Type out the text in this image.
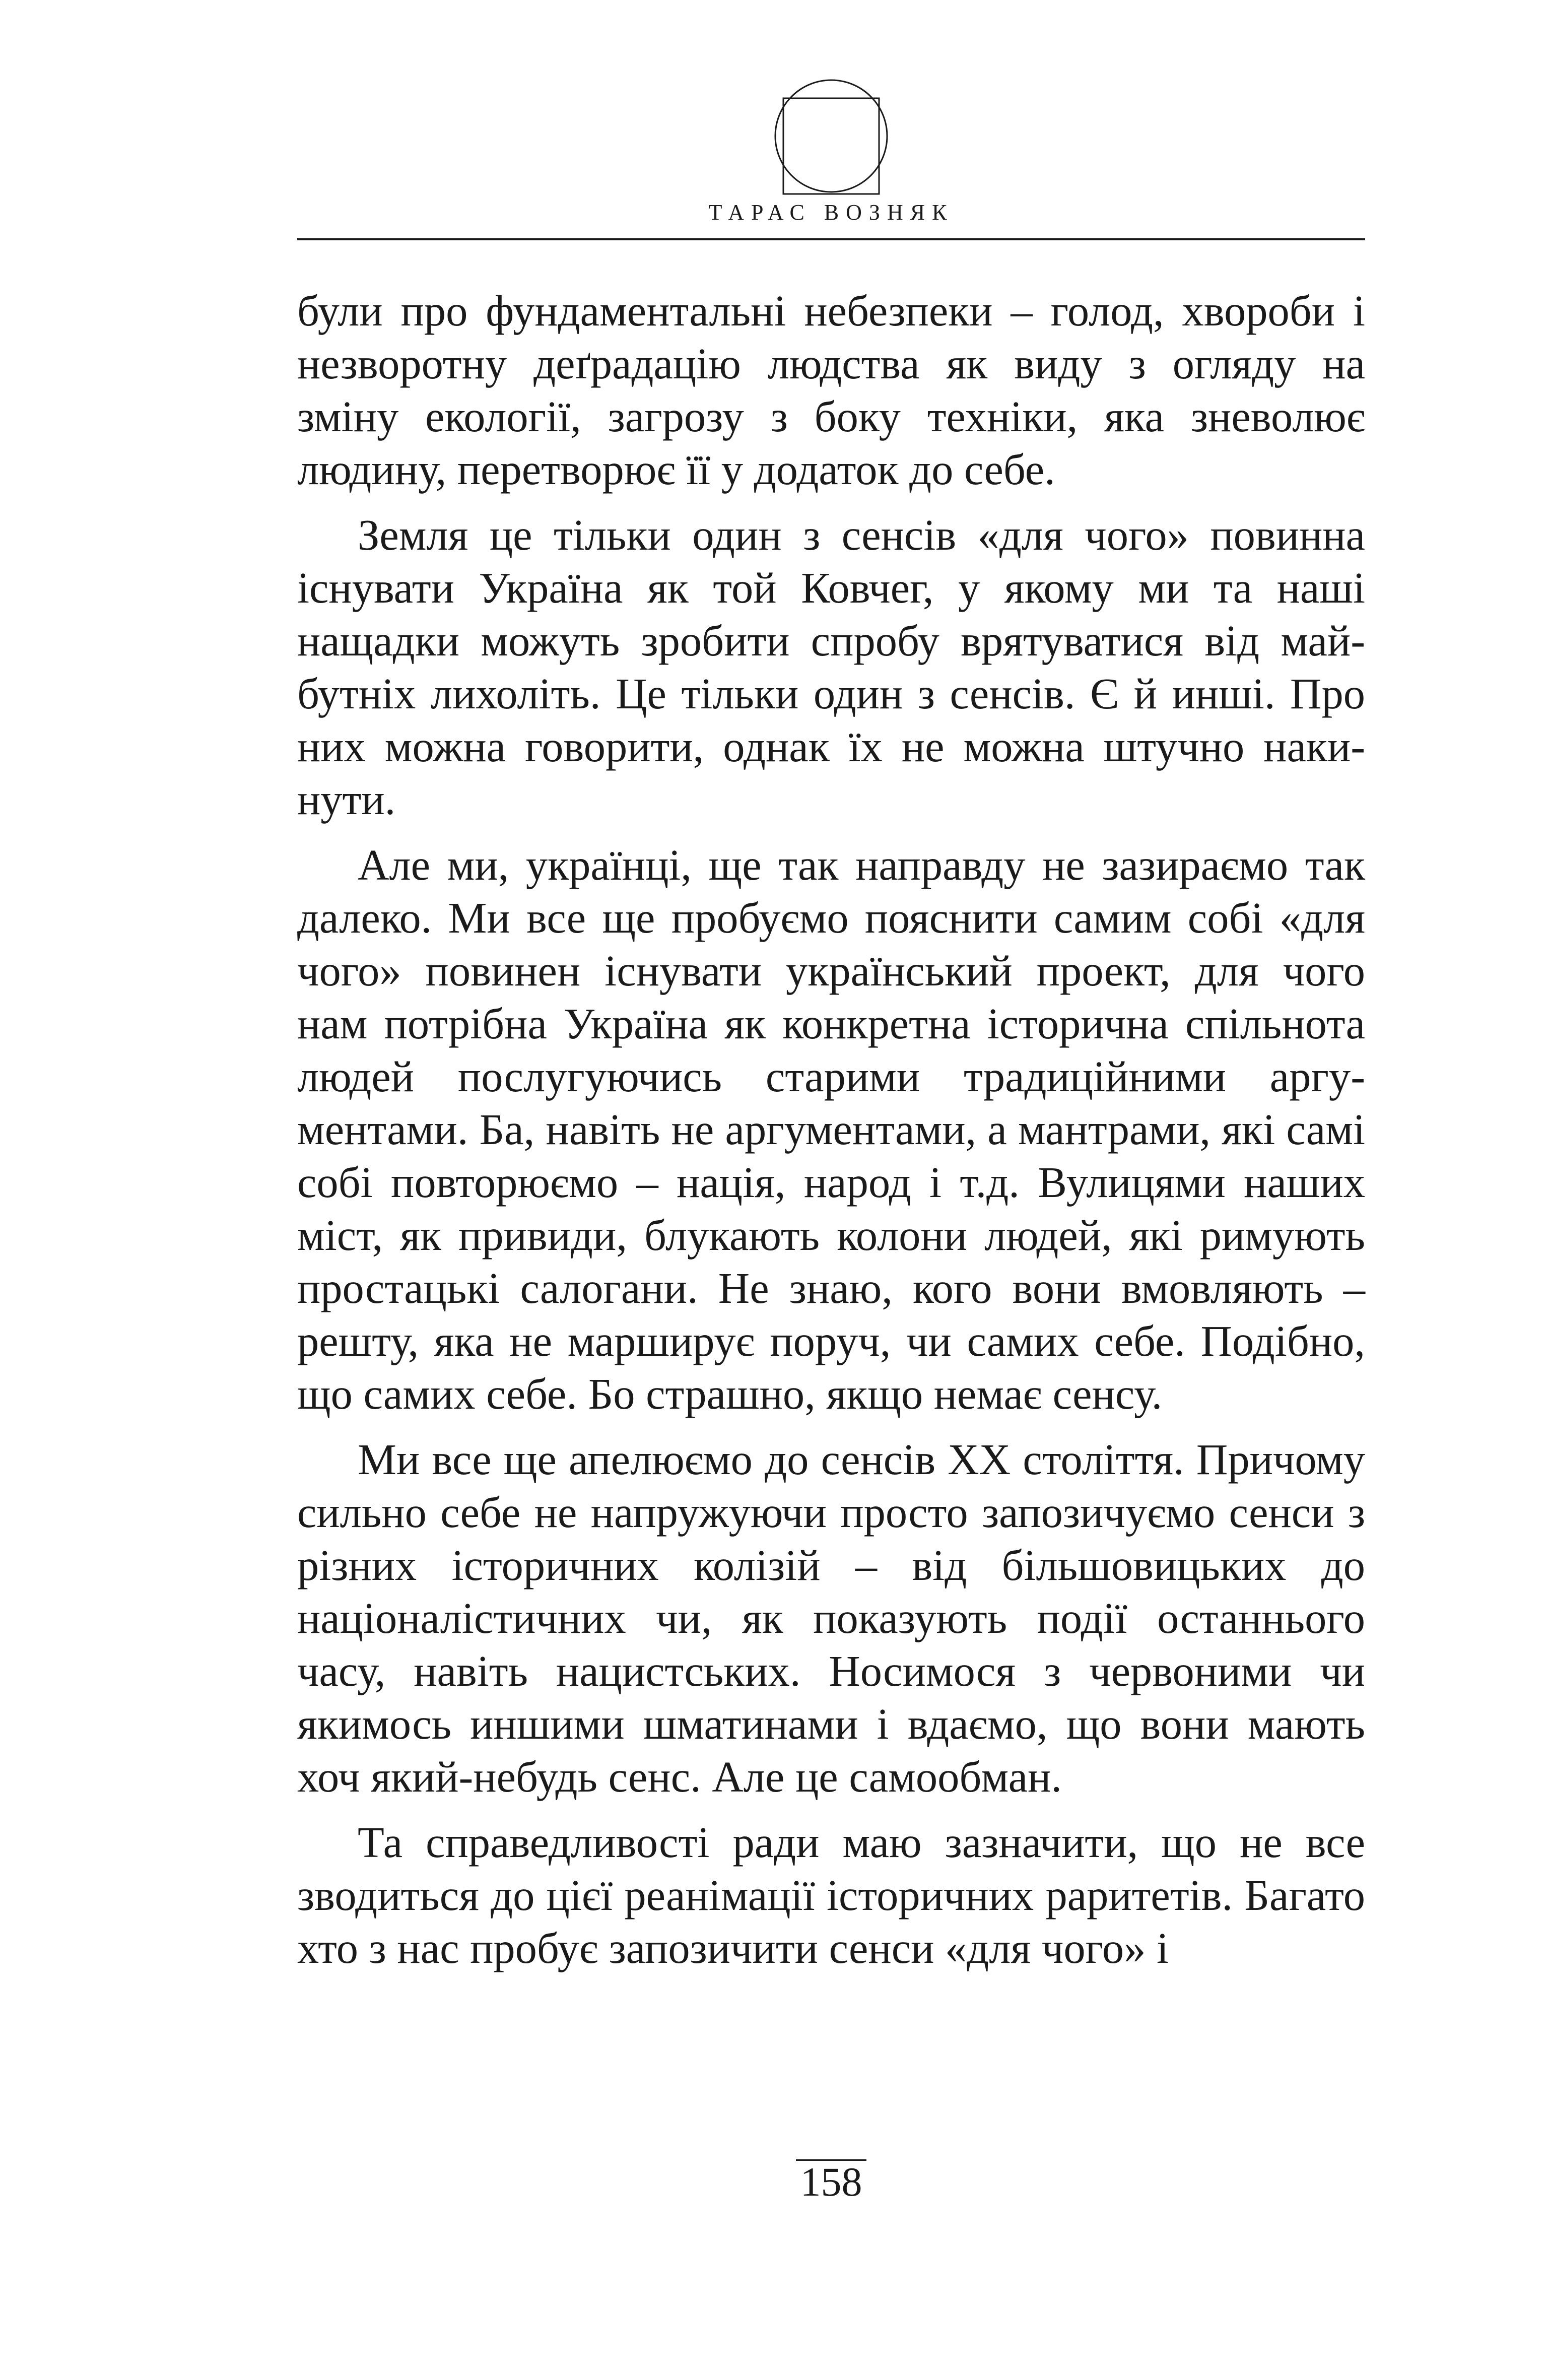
ТАРАС ВОЗНЯК

були про фундаментальні небезпеки – голод, хвороби і незворотну деґрадацію людства як виду з огляду на зміну екології, загрозу з боку техніки, яка зневолює людину, перетворює її у додаток до себе.

Земля це тільки один з сенсів «для чого» повинна існувати Україна як той Ковчег, у якому ми та наші нащадки можуть зробити спробу врятуватися від майбутніх лихоліть. Це тільки один з сенсів. Є й инші. Про них можна говорити, однак їх не можна штучно накинути.

Але ми, українці, ще так направду не зазираємо так далеко. Ми все ще пробуємо пояснити самим собі «для чого» повинен існувати український проект, для чого нам потрібна Україна як конкретна історична спільнота людей послугуючись старими традиційними аргументами. Ба, навіть не аргументами, а мантрами, які самі собі повторюємо – нація, народ і т.д. Вулицями наших міст, як привиди, блукають колони людей, які римують простацькі салогани. Не знаю, кого вони вмовляють – решту, яка не марширує поруч, чи самих себе. Подібно, що самих себе. Бо страшно, якщо немає сенсу.

Ми все ще апелюємо до сенсів ХХ століття. Причому сильно себе не напружуючи просто запозичуємо сенси з різних історичних колізій – від більшовицьких до націоналістичних чи, як показують події останнього часу, навіть нацистських. Носимося з червоними чи якимось иншими шматинами і вдаємо, що вони мають хоч який-небудь сенс. Але це самообман.

Та справедливості ради маю зазначити, що не все зводиться до цієї реанімації історичних раритетів. Багато хто з нас пробує запозичити сенси «для чого» і

158
